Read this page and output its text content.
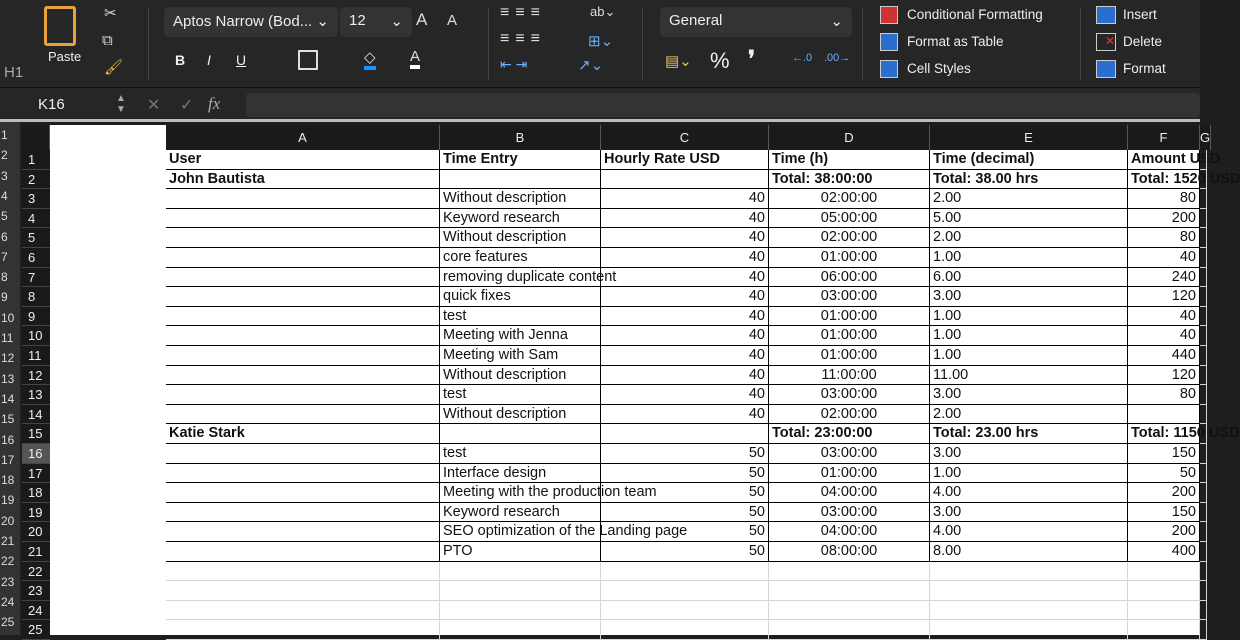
H1
Paste
✂
⧉
🖌
Aptos Narrow (Bod... ⌄	12 ⌄ A A
B I U	◇ A
≡≡≡
≡≡≡
⇤ ⇥
ab⌄
⊞⌄
↗⌄
General	⌄
▤⌄ % ❜	←.0 .00→
Conditional Formatting
Format as Table
Cell Styles
Insert
✕ Delete
Format
K16	▲
▼ ✕ ✓ fx
1
2
3
4
5
6
7
8
9
10
11
12
13
14
15
16
17
18
19
20
21
22
23
24
25
A	B	C	D	E	F	G
1	User	Time Entry	Hourly Rate USD	Time (h)	Time (decimal)	Amount USD
2	John Bautista	Total: 38:00:00	Total: 38.00 hrs	Total: 1520 USD
3	Without description	40	02:00:00	2.00	80
4	Keyword research	40	05:00:00	5.00	200
5	Without description	40	02:00:00	2.00	80
6	core features	40	01:00:00	1.00	40
7	removing duplicate content	40	06:00:00	6.00	240
8	quick fixes	40	03:00:00	3.00	120
9	test	40	01:00:00	1.00	40
10	Meeting with Jenna	40	01:00:00	1.00	40
11	Meeting with Sam	40	01:00:00	1.00	440
12	Without description	40	11:00:00	11.00	120
13	test	40	03:00:00	3.00	80
14	Without description	40	02:00:00	2.00
15	Katie Stark	Total: 23:00:00	Total: 23.00 hrs	Total: 1150 USD
16	test	50	03:00:00	3.00	150
17	Interface design	50	01:00:00	1.00	50
18	Meeting with the production team	50	04:00:00	4.00	200
19	Keyword research	50	03:00:00	3.00	150
20	SEO optimization of the Landing page	50	04:00:00	4.00	200
21	PTO	50	08:00:00	8.00	400
22
23
24
25
